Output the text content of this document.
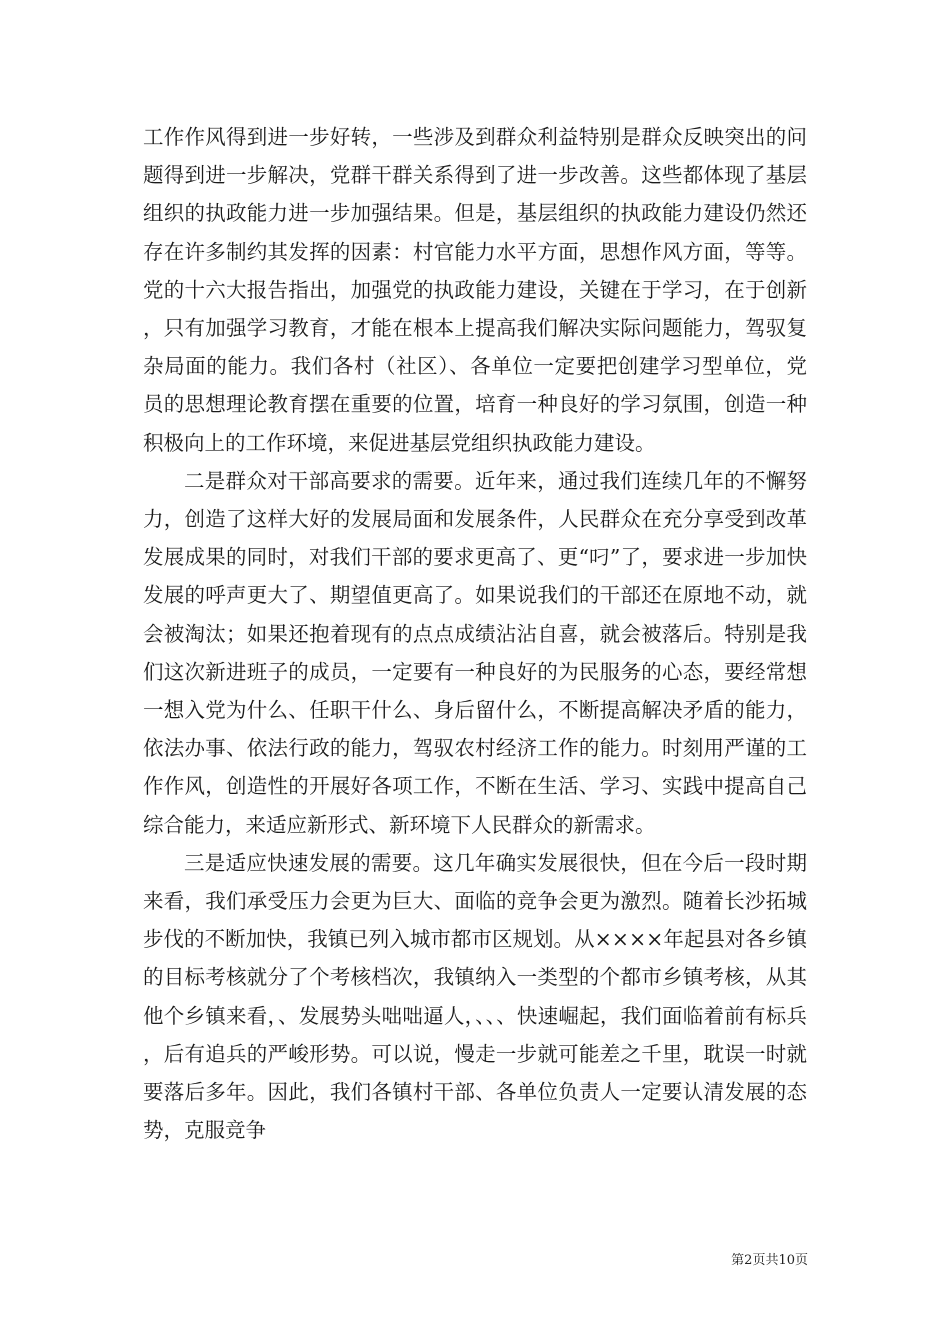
工作作风得到进一步好转，一些涉及到群众利益特别是群众反映突出的问题得到进一步解决，党群干群关系得到了进一步改善。这些都体现了基层组织的执政能力进一步加强结果。但是，基层组织的执政能力建设仍然还存在许多制约其发挥的因素：村官能力水平方面，思想作风方面，等等。党的十六大报告指出，加强党的执政能力建设，关键在于学习，在于创新，只有加强学习教育，才能在根本上提高我们解决实际问题能力，驾驭复杂局面的能力。我们各村（社区）、各单位一定要把创建学习型单位，党员的思想理论教育摆在重要的位置，培育一种良好的学习氛围，创造一种积极向上的工作环境，来促进基层党组织执政能力建设。

二是群众对干部高要求的需要。近年来，通过我们连续几年的不懈努力，创造了这样大好的发展局面和发展条件，人民群众在充分享受到改革发展成果的同时，对我们干部的要求更高了、更“叼”了，要求进一步加快发展的呼声更大了、期望值更高了。如果说我们的干部还在原地不动，就会被淘汰；如果还抱着现有的点点成绩沾沾自喜，就会被落后。特别是我们这次新进班子的成员，一定要有一种良好的为民服务的心态，要经常想一想入党为什么、任职干什么、身后留什么，不断提高解决矛盾的能力，依法办事、依法行政的能力，驾驭农村经济工作的能力。时刻用严谨的工作作风，创造性的开展好各项工作，不断在生活、学习、实践中提高自己综合能力，来适应新形式、新环境下人民群众的新需求。

三是适应快速发展的需要。这几年确实发展很快，但在今后一段时期来看，我们承受压力会更为巨大、面临的竞争会更为激烈。随着长沙拓城步伐的不断加快，我镇已列入城市都市区规划。从××××年起县对各乡镇的目标考核就分了个考核档次，我镇纳入一类型的个都市乡镇考核，从其他个乡镇来看，、发展势头咄咄逼人，、、、快速崛起，我们面临着前有标兵，后有追兵的严峻形势。可以说，慢走一步就可能差之千里，耽误一时就要落后多年。因此，我们各镇村干部、各单位负责人一定要认清发展的态势，克服竞争

第2页共10页
